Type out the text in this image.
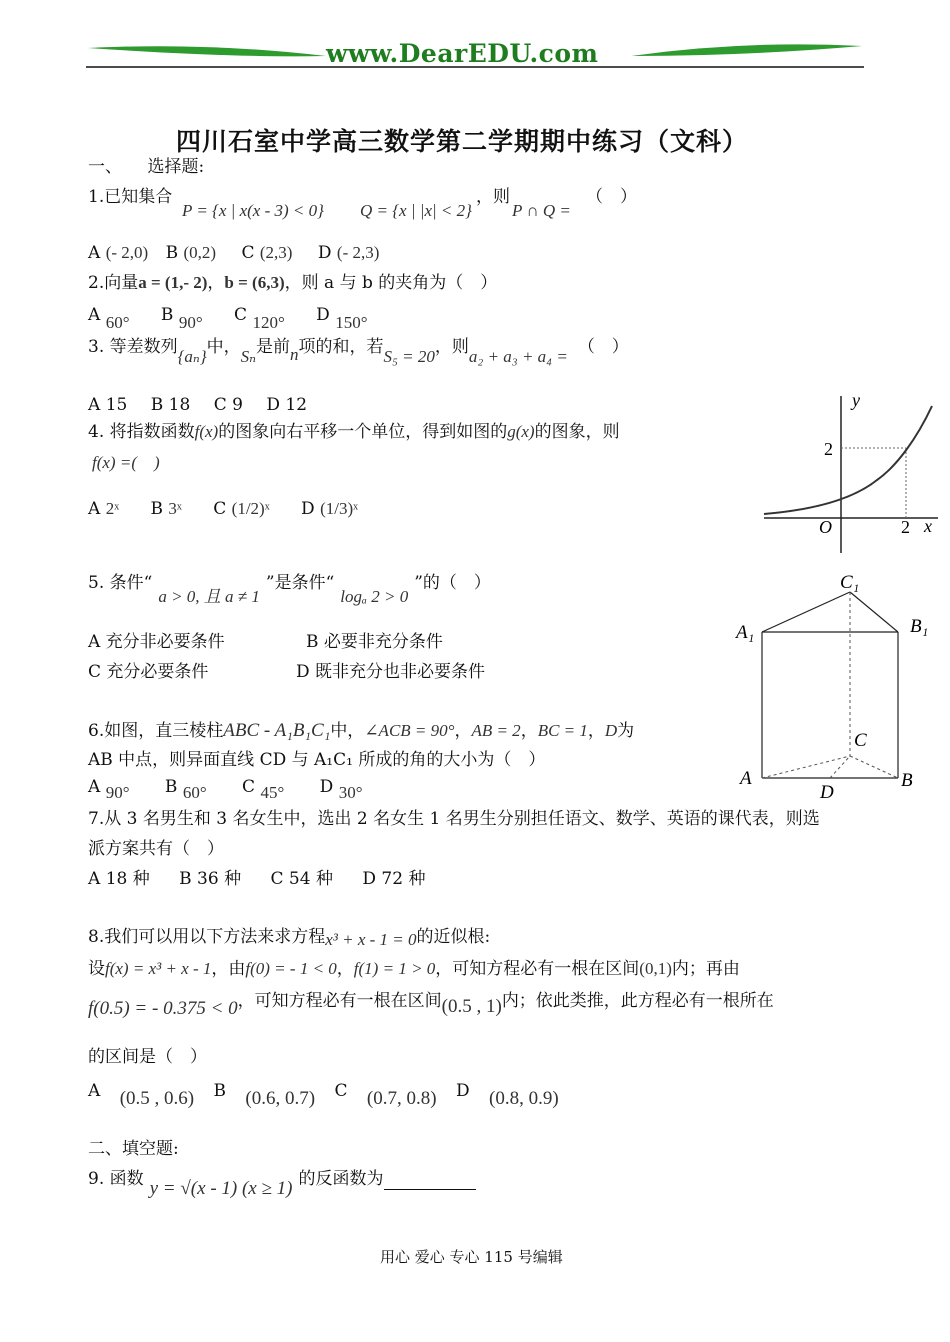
www.DearEDU.com
四川石室中学高三数学第二学期期中练习（文科）
一、　　选择题:
1.已知集合
P = {x | x(x - 3) < 0} Q = {x | |x| < 2}
，则
P ∩ Q =
（　）
A (- 2,0) B (0,2) C (2,3) D (- 2,3)
2.向量a = (1,- 2)，b = (6,3)，则 a 与 b 的夹角为（　）
A 60° B 90° C 120° D 150°
3. 等差数列{aₙ}中，Sₙ是前n项的和，若S₅ = 20，则a₂ + a₃ + a₄ = （　）
A 15 B 18 C 9 D 12
4. 将指数函数f(x)的图象向右平移一个单位，得到如图的g(x)的图象，则
f(x) =(　)
A 2ˣ B 3ˣ C (1/2)ˣ D (1/3)ˣ
y
x
O
2
2
5. 条件“a > 0, 且 a ≠ 1”是条件“logₐ 2 > 0”的（　）
A 充分非必要条件	B 必要非充分条件
C 充分必要条件	D 既非充分也非必要条件
C₁
A₁	B₁
C
A
D
B
6.如图，直三棱柱ABC - A₁B₁C₁中，∠ACB = 90°，AB = 2，BC = 1，D为
AB 中点，则异面直线 CD 与 A₁C₁ 所成的角的大小为（　）
A 90° B 60° C 45° D 30°
7.从 3 名男生和 3 名女生中，选出 2 名女生 1 名男生分别担任语文、数学、英语的课代表，则选
派方案共有（　）
A 18 种 B 36 种 C 54 种 D 72 种
8.我们可以用以下方法来求方程x³ + x - 1 = 0的近似根:
设f(x) = x³ + x - 1，由f(0) = - 1 < 0，f(1) = 1 > 0，可知方程必有一根在区间(0,1)内；再由
f(0.5) = - 0.375 < 0，可知方程必有一根在区间(0.5 , 1)内；依此类推，此方程必有一根所在
的区间是（　）
A (0.5 , 0.6) B (0.6, 0.7) C (0.7, 0.8) D (0.8, 0.9)
二、填空题:
9. 函数 y = √(x - 1) (x ≥ 1) 的反函数为
用心 爱心 专心 115 号编辑
